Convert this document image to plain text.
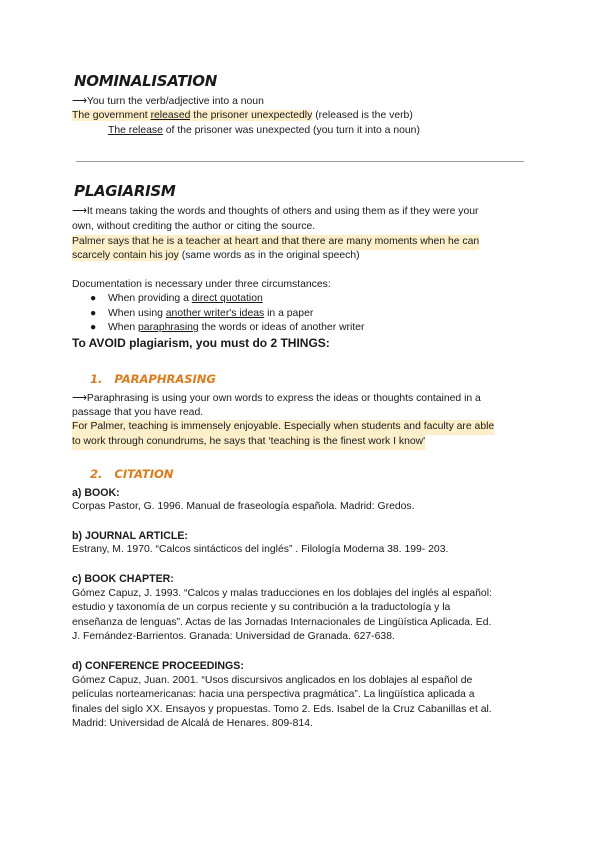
NOMINALISATION
⟶You turn the verb/adjective into a noun
The government released the prisoner unexpectedly (released is the verb)
The release of the prisoner was unexpected (you turn it into a noun)
PLAGIARISM
⟶It means taking the words and thoughts of others and using them as if they were your
own, without crediting the author or citing the source.
Palmer says that he is a teacher at heart and that there are many moments when he can
scarcely contain his joy (same words as in the original speech)
Documentation is necessary under three circumstances:
● When providing a direct quotation
● When using another writer's ideas in a paper
● When paraphrasing the words or ideas of another writer
To AVOID plagiarism, you must do 2 THINGS:
1. PARAPHRASING
⟶Paraphrasing is using your own words to express the ideas or thoughts contained in a
passage that you have read.
For Palmer, teaching is immensely enjoyable. Especially when students and faculty are able
to work through conundrums, he says that ‘teaching is the finest work I know'
2. CITATION
a) BOOK:
Corpas Pastor, G. 1996. Manual de fraseología española. Madrid: Gredos.
b) JOURNAL ARTICLE:
Estrany, M. 1970. “Calcos sintácticos del inglés” . Filología Moderna 38. 199- 203.
c) BOOK CHAPTER:
Gómez Capuz, J. 1993. “Calcos y malas traducciones en los doblajes del inglés al español:
estudio y taxonomía de un corpus reciente y su contribución a la traductología y la
enseñanza de lenguas”. Actas de las Jornadas Internacionales de Lingüística Aplicada. Ed.
J. Fernández-Barrientos. Granada: Universidad de Granada. 627-638.
d) CONFERENCE PROCEEDINGS:
Gómez Capuz, Juan. 2001. “Usos discursivos anglicados en los doblajes al español de
películas norteamericanas: hacia una perspectiva pragmática”. La lingüística aplicada a
finales del siglo XX. Ensayos y propuestas. Tomo 2. Eds. Isabel de la Cruz Cabanillas et al.
Madrid: Universidad de Alcalá de Henares. 809-814.
